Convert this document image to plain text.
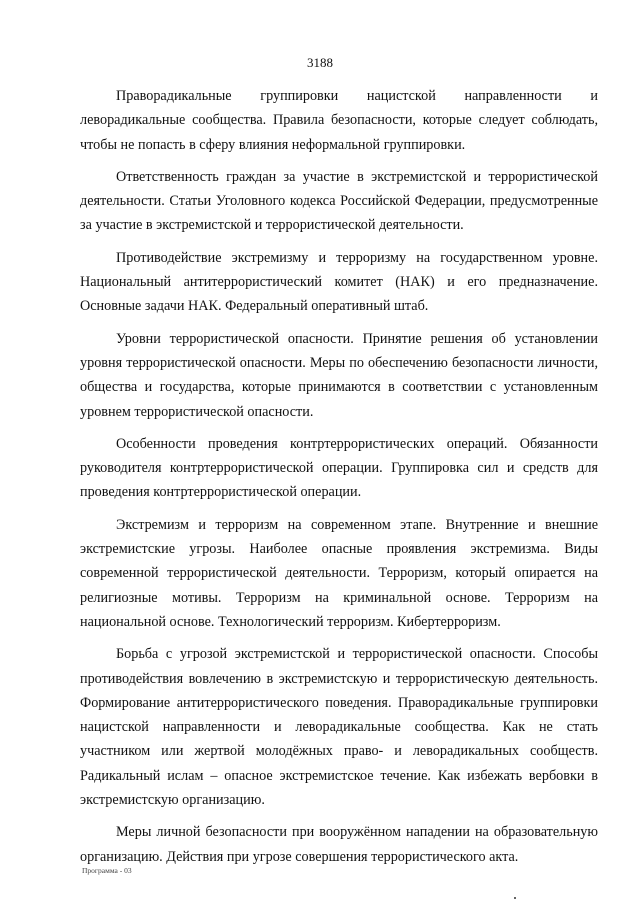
3188

Праворадикальные группировки нацистской направленности и леворадикальные сообщества. Правила безопасности, которые следует соблюдать, чтобы не попасть в сферу влияния неформальной группировки.

Ответственность граждан за участие в экстремистской и террористической деятельности. Статьи Уголовного кодекса Российской Федерации, предусмотренные за участие в экстремистской и террористической деятельности.

Противодействие экстремизму и терроризму на государственном уровне. Национальный антитеррористический комитет (НАК) и его предназначение. Основные задачи НАК. Федеральный оперативный штаб.

Уровни террористической опасности. Принятие решения об установлении уровня террористической опасности. Меры по обеспечению безопасности личности, общества и государства, которые принимаются в соответствии с установленным уровнем террористической опасности.

Особенности проведения контртеррористических операций. Обязанности руководителя контртеррористической операции. Группировка сил и средств для проведения контртеррористической операции.

Экстремизм и терроризм на современном этапе. Внутренние и внешние экстремистские угрозы. Наиболее опасные проявления экстремизма. Виды современной террористической деятельности. Терроризм, который опирается на религиозные мотивы. Терроризм на криминальной основе. Терроризм на национальной основе. Технологический терроризм. Кибертерроризм.

Борьба с угрозой экстремистской и террористической опасности. Способы противодействия вовлечению в экстремистскую и террористическую деятельность. Формирование антитеррористического поведения. Праворадикальные группировки нацистской направленности и леворадикальные сообщества. Как не стать участником или жертвой молодёжных право- и леворадикальных сообществ. Радикальный ислам – опасное экстремистское течение. Как избежать вербовки в экстремистскую организацию.

Меры личной безопасности при вооружённом нападении на образовательную организацию. Действия при угрозе совершения террористического акта.

Программа - 03
